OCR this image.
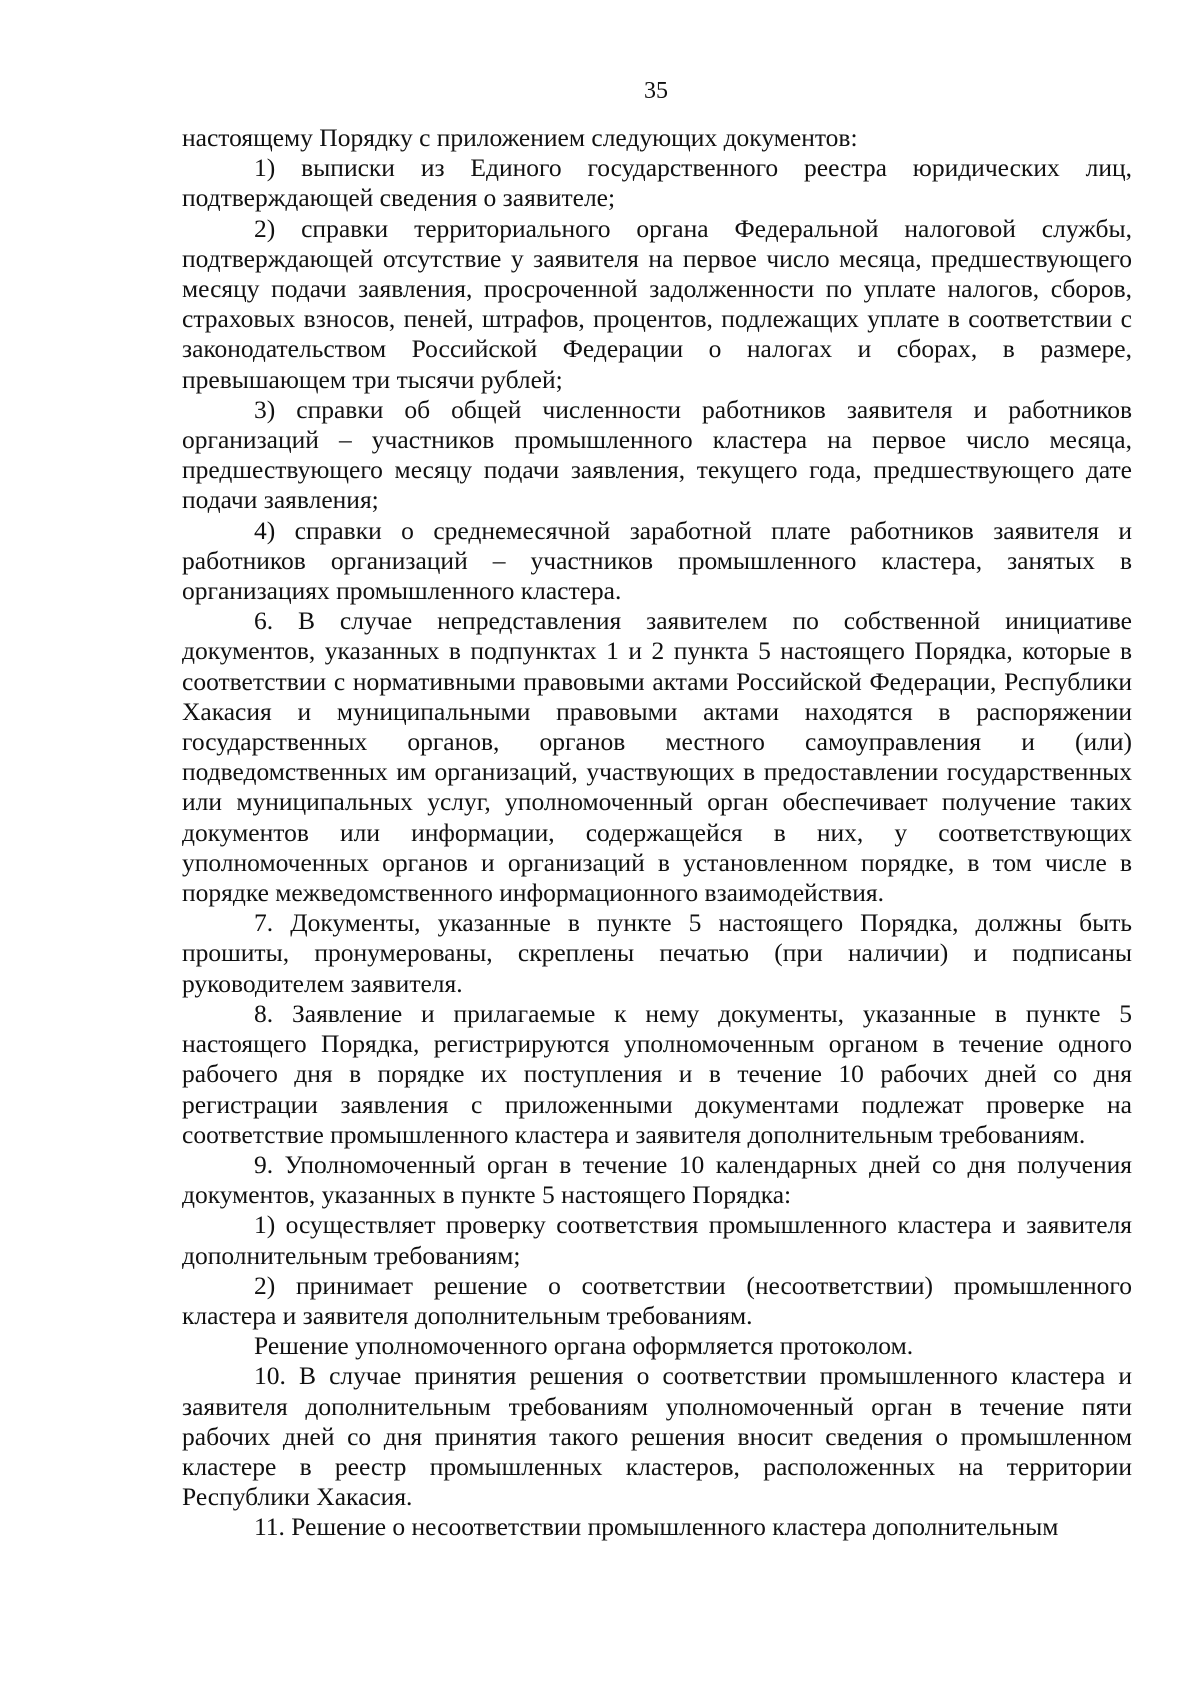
35

настоящему Порядку с приложением следующих документов:

1) выписки из Единого государственного реестра юридических лиц, подтверждающей сведения о заявителе;

2) справки территориального органа Федеральной налоговой службы, подтверждающей отсутствие у заявителя на первое число месяца, предшествующего месяцу подачи заявления, просроченной задолженности по уплате налогов, сборов, страховых взносов, пеней, штрафов, процентов, подлежащих уплате в соответствии с законодательством Российской Федерации о налогах и сборах, в размере, превышающем три тысячи рублей;

3) справки об общей численности работников заявителя и работников организаций – участников промышленного кластера на первое число месяца, предшествующего месяцу подачи заявления, текущего года, предшествующего дате подачи заявления;

4) справки о среднемесячной заработной плате работников заявителя и работников организаций – участников промышленного кластера, занятых в организациях промышленного кластера.

6. В случае непредставления заявителем по собственной инициативе документов, указанных в подпунктах 1 и 2 пункта 5 настоящего Порядка, которые в соответствии с нормативными правовыми актами Российской Федерации, Республики Хакасия и муниципальными правовыми актами находятся в распоряжении государственных органов, органов местного самоуправления и (или) подведомственных им организаций, участвующих в предоставлении государственных или муниципальных услуг, уполномоченный орган обеспечивает получение таких документов или информации, содержащейся в них, у соответствующих уполномоченных органов и организаций в установленном порядке, в том числе в порядке межведомственного информационного взаимодействия.

7. Документы, указанные в пункте 5 настоящего Порядка, должны быть прошиты, пронумерованы, скреплены печатью (при наличии) и подписаны руководителем заявителя.

8. Заявление и прилагаемые к нему документы, указанные в пункте 5 настоящего Порядка, регистрируются уполномоченным органом в течение одного рабочего дня в порядке их поступления и в течение 10 рабочих дней со дня регистрации заявления с приложенными документами подлежат проверке на соответствие промышленного кластера и заявителя дополнительным требованиям.

9. Уполномоченный орган в течение 10 календарных дней со дня получения документов, указанных в пункте 5 настоящего Порядка:

1) осуществляет проверку соответствия промышленного кластера и заявителя дополнительным требованиям;

2) принимает решение о соответствии (несоответствии) промышленного кластера и заявителя дополнительным требованиям.

Решение уполномоченного органа оформляется протоколом.

10. В случае принятия решения о соответствии промышленного кластера и заявителя дополнительным требованиям уполномоченный орган в течение пяти рабочих дней со дня принятия такого решения вносит сведения о промышленном кластере в реестр промышленных кластеров, расположенных на территории Республики Хакасия.

11. Решение о несоответствии промышленного кластера дополнительным
